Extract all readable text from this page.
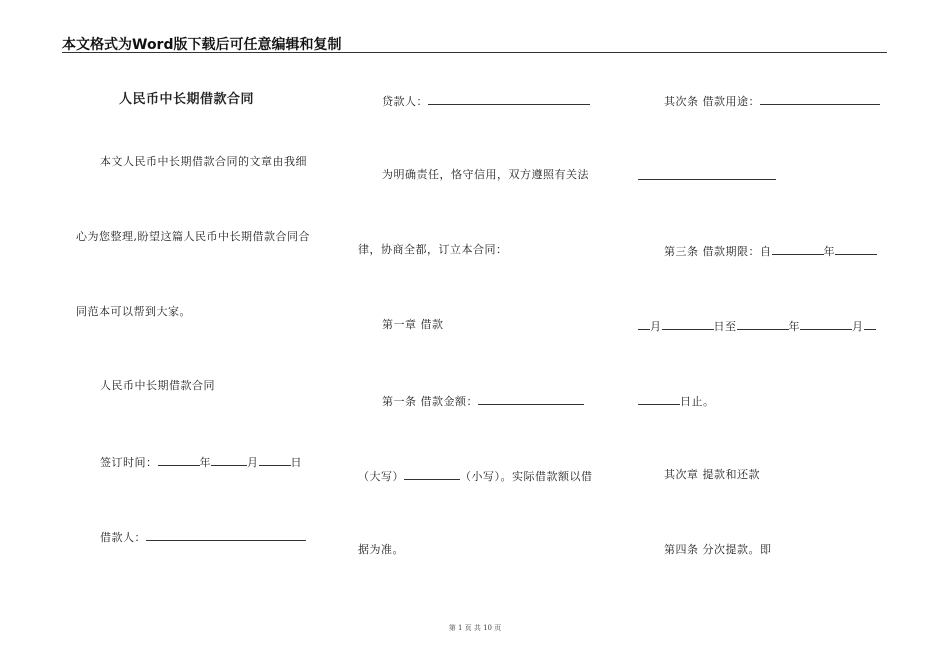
本文格式为Word版下载后可任意编辑和复制
人民币中长期借款合同
本文人民币中长期借款合同的文章由我细
心为您整理,盼望这篇人民币中长期借款合同合
同范本可以帮到大家。
人民币中长期借款合同
签订时间：	年	月	日
借款人：
贷款人：
为明确责任，恪守信用，双方遵照有关法
律，协商全都，订立本合同：
第一章 借款
第一条 借款金额：
（大写）	（小写）。实际借款额以借
据为准。
其次条 借款用途：
第三条 借款期限：自	年
月	日至	年	月
日止。
其次章 提款和还款
第四条 分次提款。即
第 1 页 共 10 页
